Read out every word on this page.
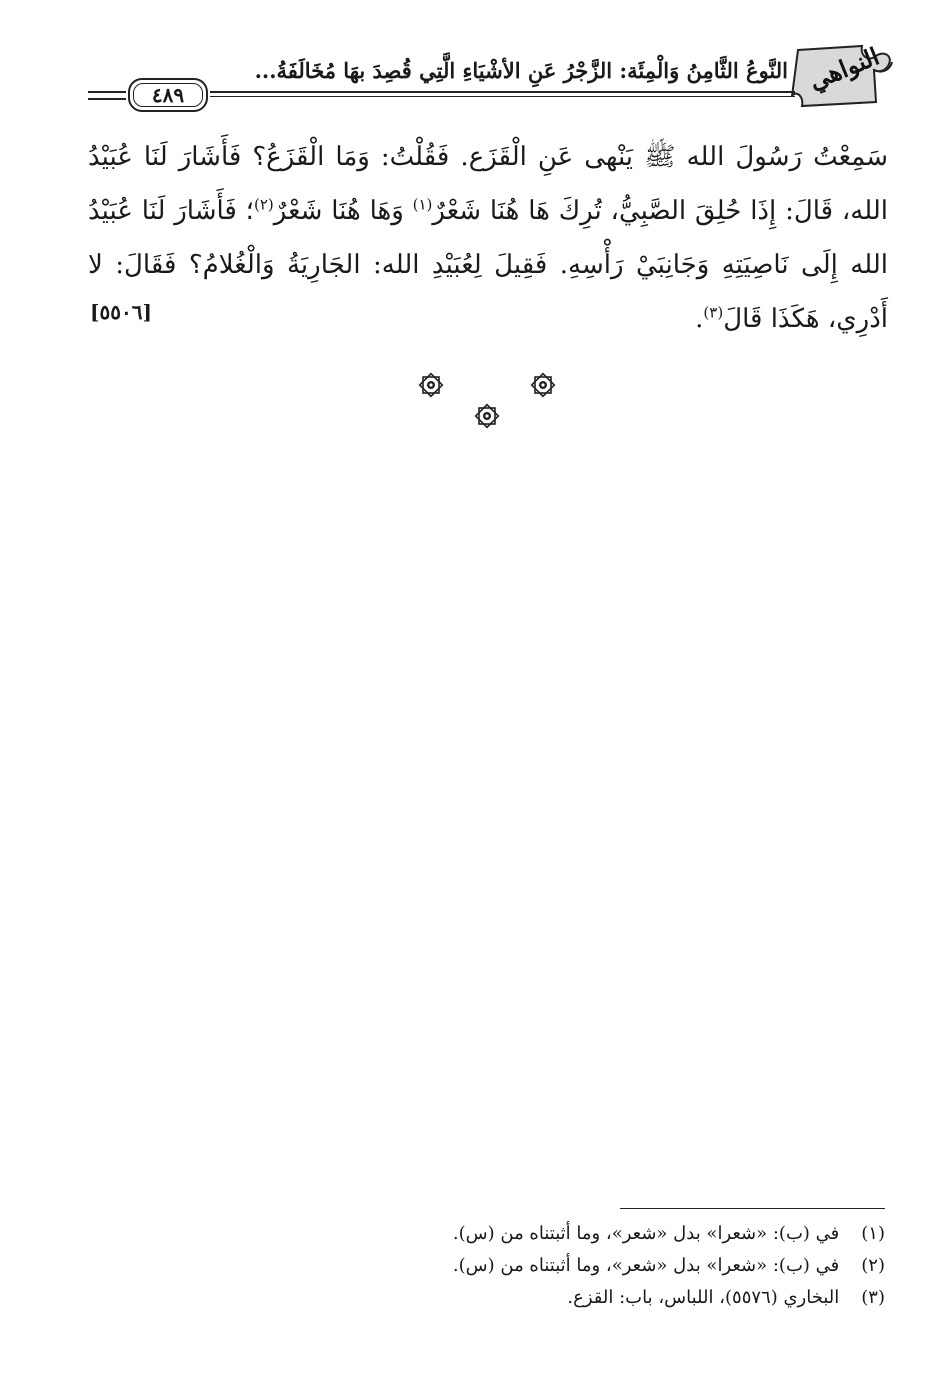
النواهي
النَّوعُ الثَّامِنُ وَالْمِئَة: الزَّجْرُ عَنِ الأشْيَاءِ الَّتِي قُصِدَ بهَا مُخَالَفَةُ...
٤٨٩
سَمِعْتُ رَسُولَ الله ﷺ يَنْهى عَنِ الْقَزَع. فَقُلْتُ: وَمَا الْقَزَعُ؟ فَأَشَارَ لَنَا عُبَيْدُ الله، قَالَ: إِذَا حُلِقَ الصَّبِيُّ، تُرِكَ هَا هُنَا شَعْرٌ$^{(١)}$ وَهَا هُنَا شَعْرٌ$^{(٢)}$؛ فَأَشَارَ لَنَا عُبَيْدُ الله إِلَى نَاصِيَتِهِ وَجَانِبَيْ رَأْسِهِ. فَقِيلَ لِعُبَيْدِ الله: الجَارِيَةُ وَالْغُلامُ؟ فَقَالَ: لا أَدْرِي، هَكَذَا قَالَ$^{(٣)}$.
[٥٥٠٦]
(١) في (ب): «شعرا» بدل «شعر»، وما أثبتناه من (س).
(٢) في (ب): «شعرا» بدل «شعر»، وما أثبتناه من (س).
(٣) البخاري (٥٥٧٦)، اللباس، باب: القزع.
